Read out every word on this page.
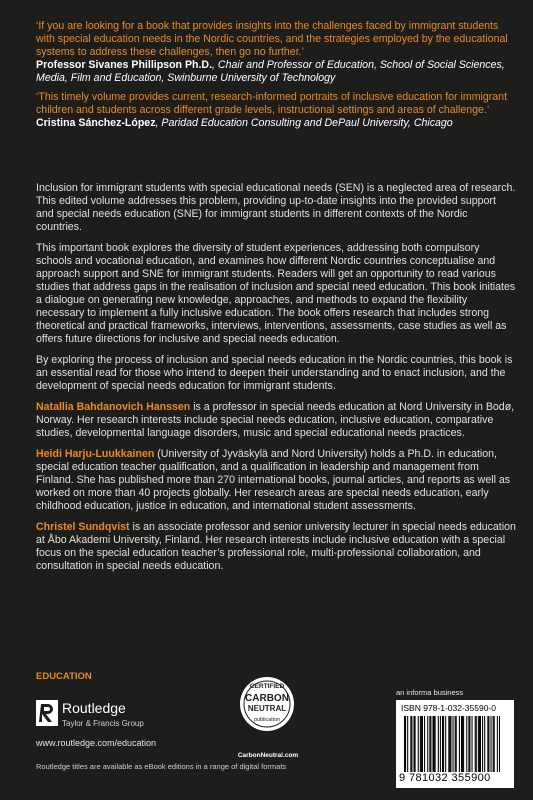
‘If you are looking for a book that provides insights into the challenges faced by immigrant students with special education needs in the Nordic countries, and the strategies employed by the educational systems to address these challenges, then go no further.’

Professor Sivanes Phillipson Ph.D., Chair and Professor of Education, School of Social Sciences, Media, Film and Education, Swinburne University of Technology

‘This timely volume provides current, research-informed portraits of inclusive education for immigrant children and students across different grade levels, instructional settings and areas of challenge.’

Cristina Sánchez-López, Paridad Education Consulting and DePaul University, Chicago

Inclusion for immigrant students with special educational needs (SEN) is a neglected area of research. This edited volume addresses this problem, providing up-to-date insights into the provided support and special needs education (SNE) for immigrant students in different contexts of the Nordic countries.

This important book explores the diversity of student experiences, addressing both compulsory schools and vocational education, and examines how different Nordic countries conceptualise and approach support and SNE for immigrant students. Readers will get an opportunity to read various studies that address gaps in the realisation of inclusion and special need education. This book initiates a dialogue on generating new knowledge, approaches, and methods to expand the flexibility necessary to implement a fully inclusive education. The book offers research that includes strong theoretical and practical frameworks, interviews, interventions, assessments, case studies as well as offers future directions for inclusive and special needs education.

By exploring the process of inclusion and special needs education in the Nordic countries, this book is an essential read for those who intend to deepen their understanding and to enact inclusion, and the development of special needs education for immigrant students.

Natallia Bahdanovich Hanssen is a professor in special needs education at Nord University in Bodø, Norway. Her research interests include special needs education, inclusive education, comparative studies, developmental language disorders, music and special educational needs practices.

Heidi Harju-Luukkainen (University of Jyväskylä and Nord University) holds a Ph.D. in education, special education teacher qualification, and a qualification in leadership and management from Finland. She has published more than 270 international books, journal articles, and reports as well as worked on more than 40 projects globally. Her research areas are special needs education, early childhood education, justice in education, and international student assessments.

Christel Sundqvist is an associate professor and senior university lecturer in special needs education at Åbo Akademi University, Finland. Her research interests include inclusive education with a special focus on the special education teacher’s professional role, multi-professional collaboration, and consultation in special needs education.

EDUCATION
Routledge
Taylor & Francis Group
www.routledge.com/education
Routledge titles are available as eBook editions in a range of digital formats
CERTIFIED
CARBON
NEUTRAL
publication
CarbonNeutral.com
an informa business
ISBN 978-1-032-35590-0
9 781032 355900
